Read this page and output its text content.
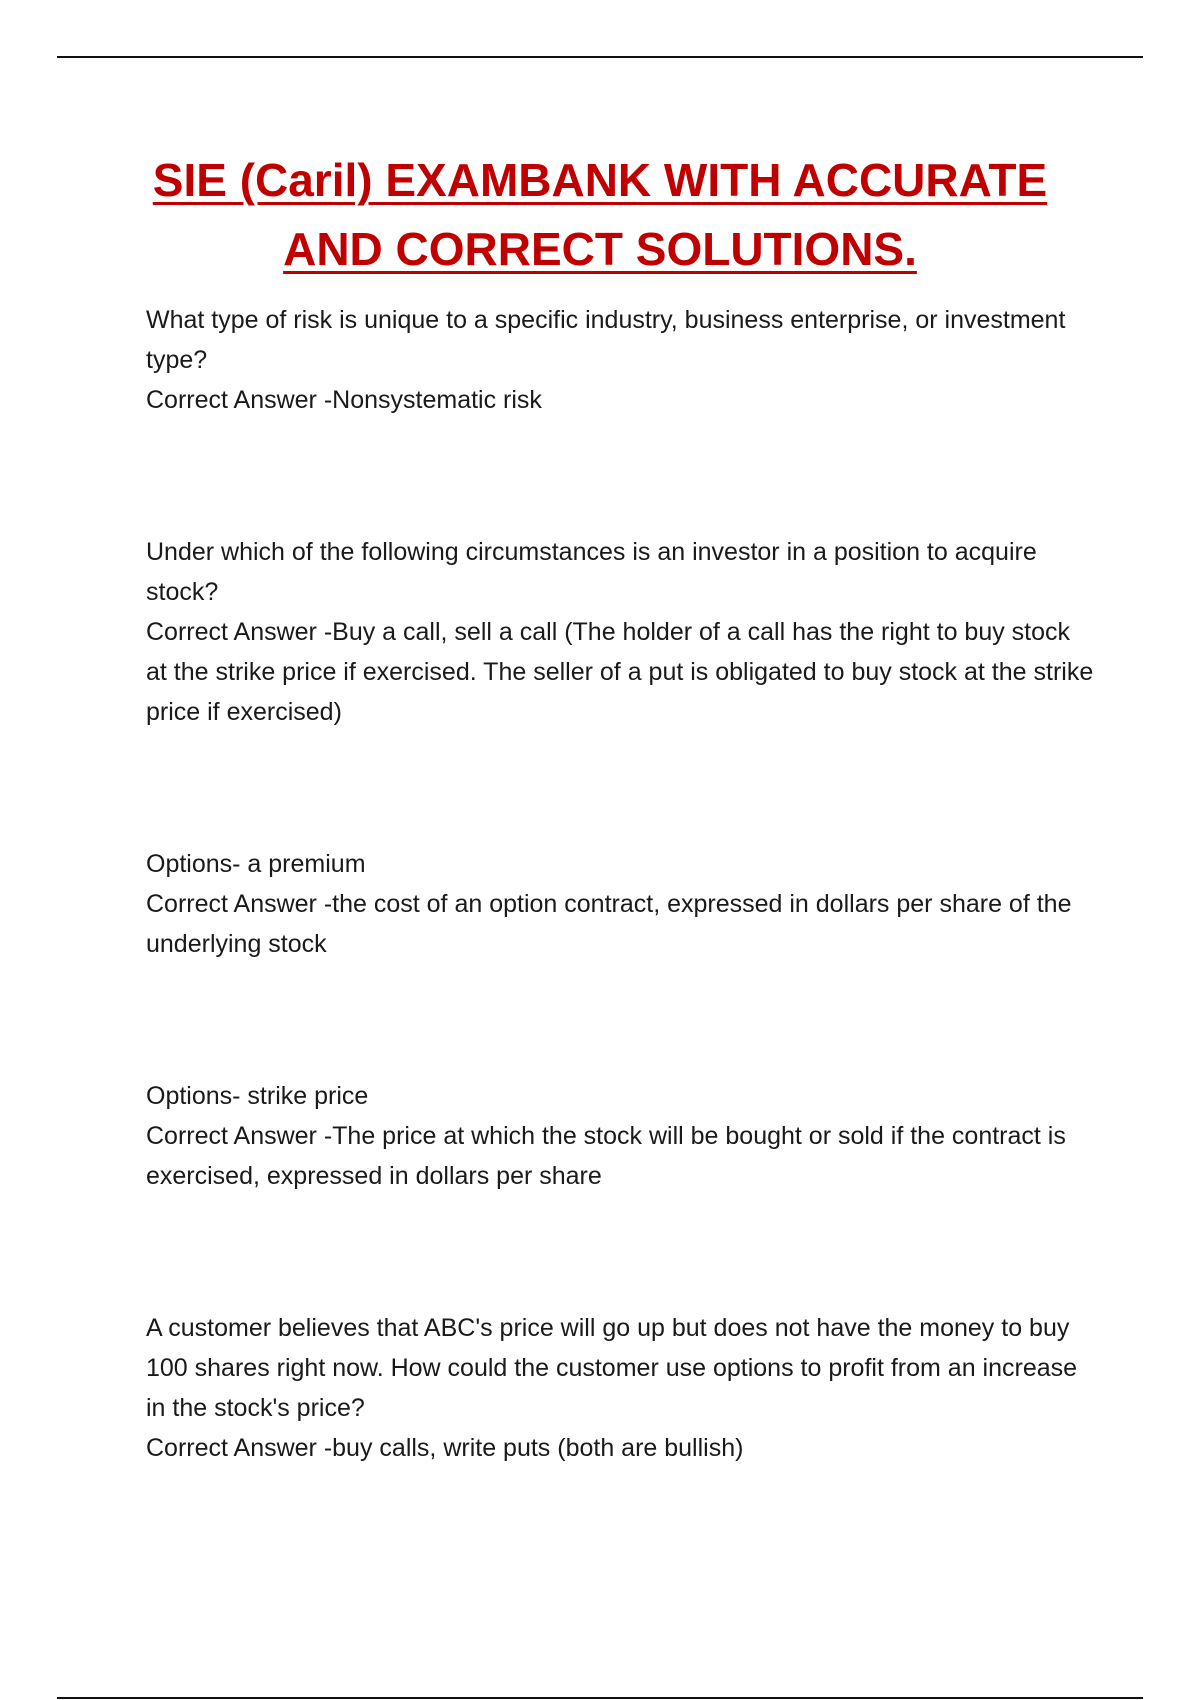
SIE (Caril) EXAMBANK WITH ACCURATE
AND CORRECT SOLUTIONS.
What type of risk is unique to a specific industry, business enterprise, or investment type?
Correct Answer -Nonsystematic risk
Under which of the following circumstances is an investor in a position to acquire stock?
Correct Answer -Buy a call, sell a call (The holder of a call has the right to buy stock at the strike price if exercised. The seller of a put is obligated to buy stock at the strike price if exercised)
Options- a premium
Correct Answer -the cost of an option contract, expressed in dollars per share of the underlying stock
Options- strike price
Correct Answer -The price at which the stock will be bought or sold if the contract is exercised, expressed in dollars per share
A customer believes that ABC's price will go up but does not have the money to buy 100 shares right now. How could the customer use options to profit from an increase in the stock's price?
Correct Answer -buy calls, write puts (both are bullish)
